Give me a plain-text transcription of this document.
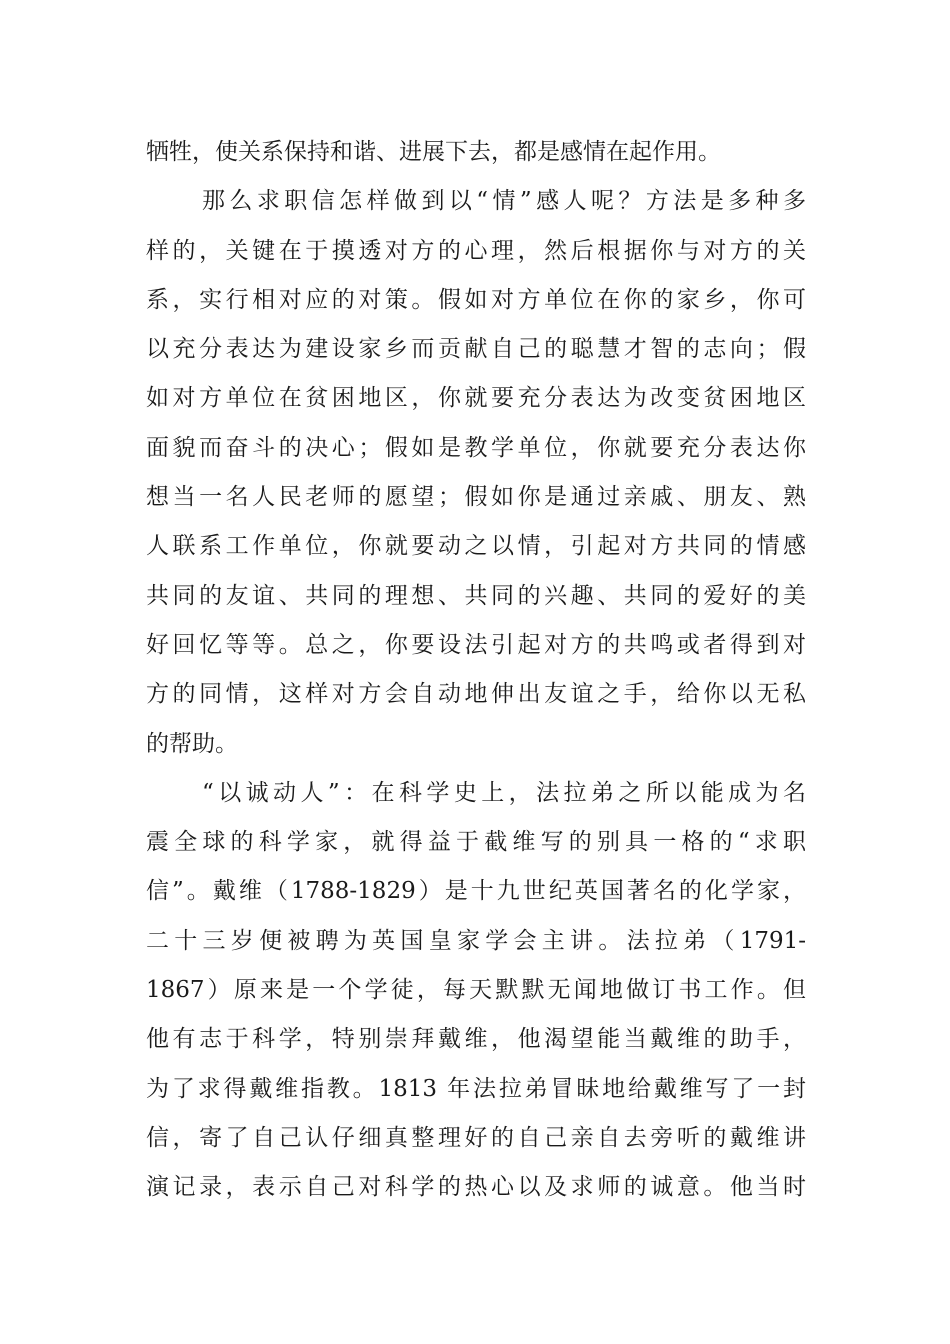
牺牲，使关系保持和谐、进展下去，都是感情在起作用。
那么求职信怎样做到以“情”感人呢？方法是多种多
样的，关键在于摸透对方的心理，然后根据你与对方的关
系，实行相对应的对策。假如对方单位在你的家乡，你可
以充分表达为建设家乡而贡献自己的聪慧才智的志向；假
如对方单位在贫困地区，你就要充分表达为改变贫困地区
面貌而奋斗的决心；假如是教学单位，你就要充分表达你
想当一名人民老师的愿望；假如你是通过亲戚、朋友、熟
人联系工作单位，你就要动之以情，引起对方共同的情感
共同的友谊、共同的理想、共同的兴趣、共同的爱好的美
好回忆等等。总之，你要设法引起对方的共鸣或者得到对
方的同情，这样对方会自动地伸出友谊之手，给你以无私
的帮助。
“以诚动人”：在科学史上，法拉弟之所以能成为名
震全球的科学家，就得益于截维写的别具一格的“求职
信”。戴维（1788-1829）是十九世纪英国著名的化学家，
二十三岁便被聘为英国皇家学会主讲。法拉弟（1791-
1867）原来是一个学徒，每天默默无闻地做订书工作。但
他有志于科学，特别崇拜戴维，他渴望能当戴维的助手，
为了求得戴维指教。1813 年法拉弟冒昧地给戴维写了一封
信，寄了自己认仔细真整理好的自己亲自去旁听的戴维讲
演记录，表示自己对科学的热心以及求师的诚意。他当时
